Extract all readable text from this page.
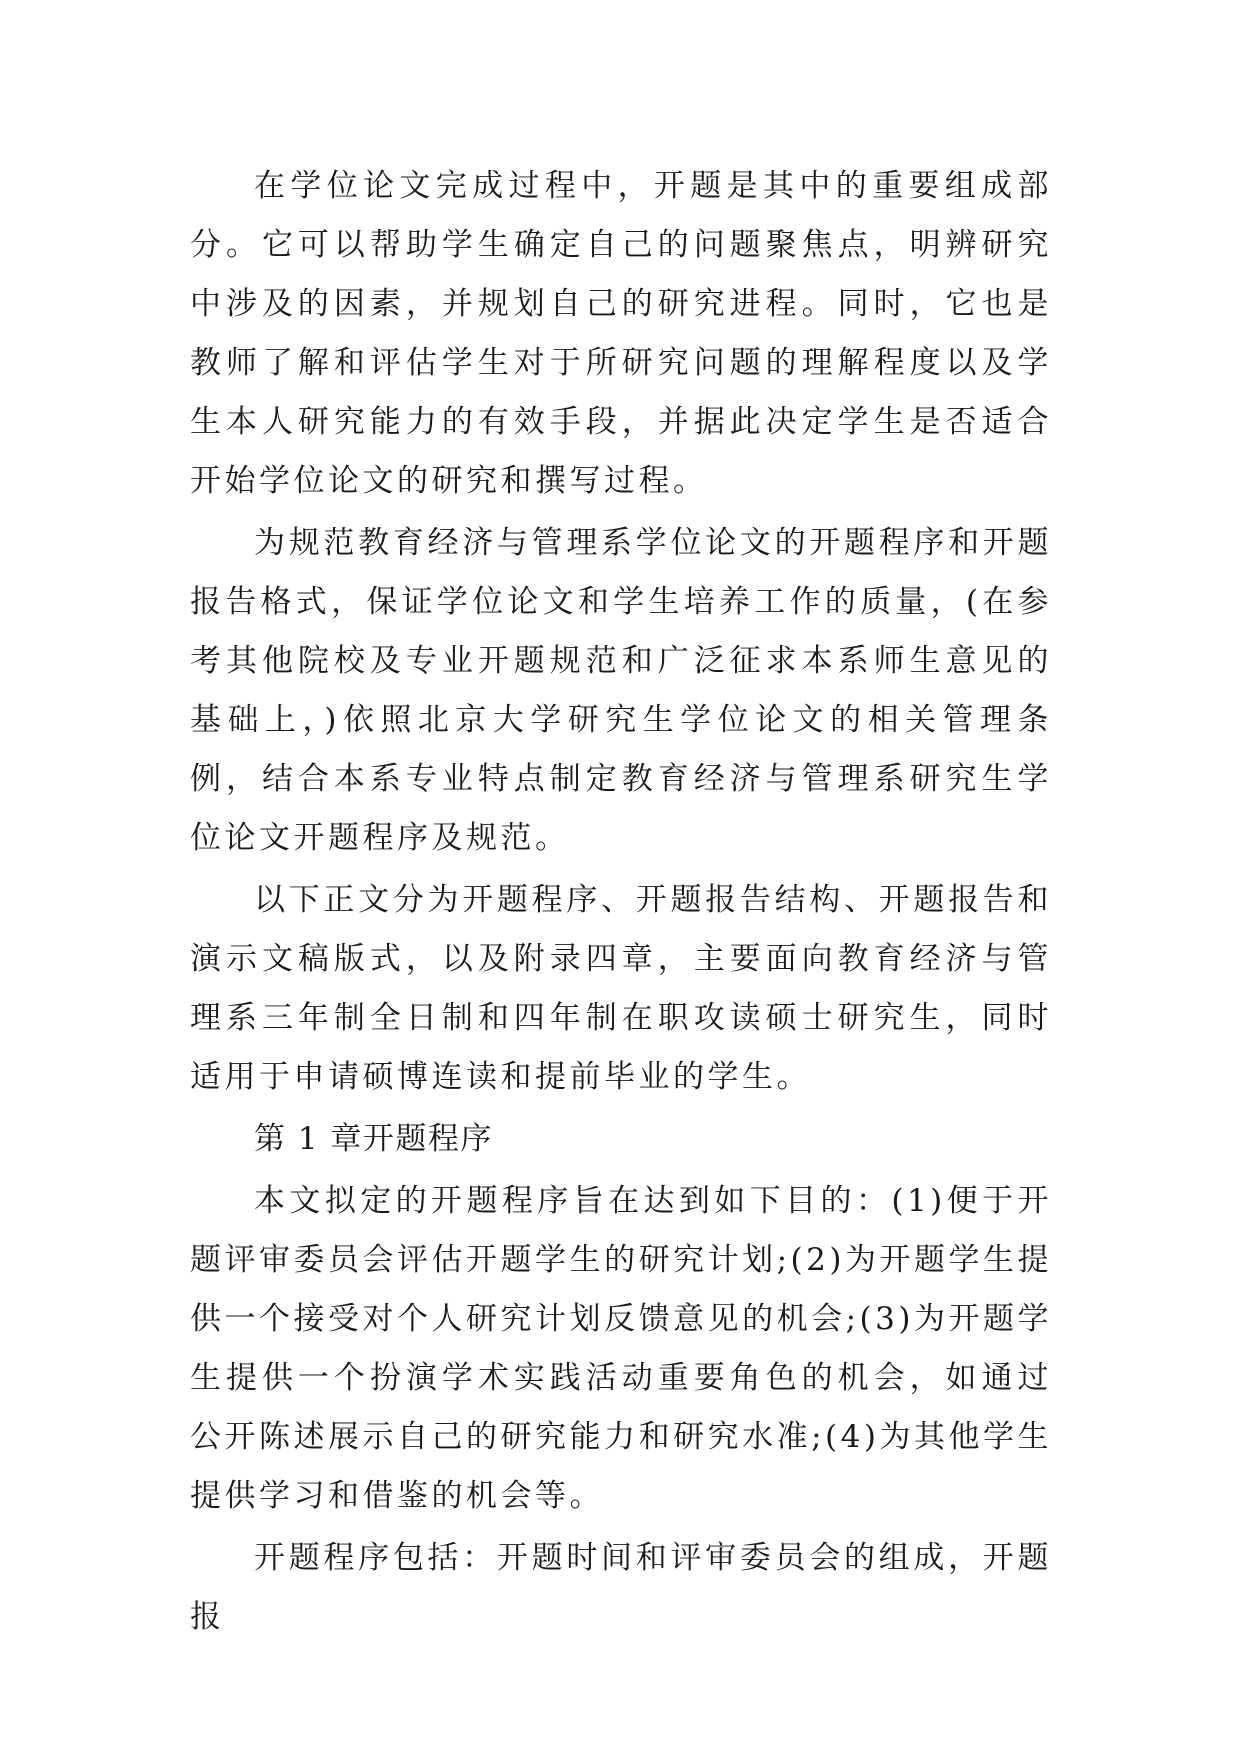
在学位论文完成过程中，开题是其中的重要组成部分。它可以帮助学生确定自己的问题聚焦点，明辨研究中涉及的因素，并规划自己的研究进程。同时，它也是教师了解和评估学生对于所研究问题的理解程度以及学生本人研究能力的有效手段，并据此决定学生是否适合开始学位论文的研究和撰写过程。

为规范教育经济与管理系学位论文的开题程序和开题报告格式，保证学位论文和学生培养工作的质量，(在参考其他院校及专业开题规范和广泛征求本系师生意见的基础上，)依照北京大学研究生学位论文的相关管理条例，结合本系专业特点制定教育经济与管理系研究生学位论文开题程序及规范。

以下正文分为开题程序、开题报告结构、开题报告和演示文稿版式，以及附录四章，主要面向教育经济与管理系三年制全日制和四年制在职攻读硕士研究生，同时适用于申请硕博连读和提前毕业的学生。

第 1 章开题程序

本文拟定的开题程序旨在达到如下目的：(1)便于开题评审委员会评估开题学生的研究计划;(2)为开题学生提供一个接受对个人研究计划反馈意见的机会;(3)为开题学生提供一个扮演学术实践活动重要角色的机会，如通过公开陈述展示自己的研究能力和研究水准;(4)为其他学生提供学习和借鉴的机会等。

开题程序包括：开题时间和评审委员会的组成，开题报
